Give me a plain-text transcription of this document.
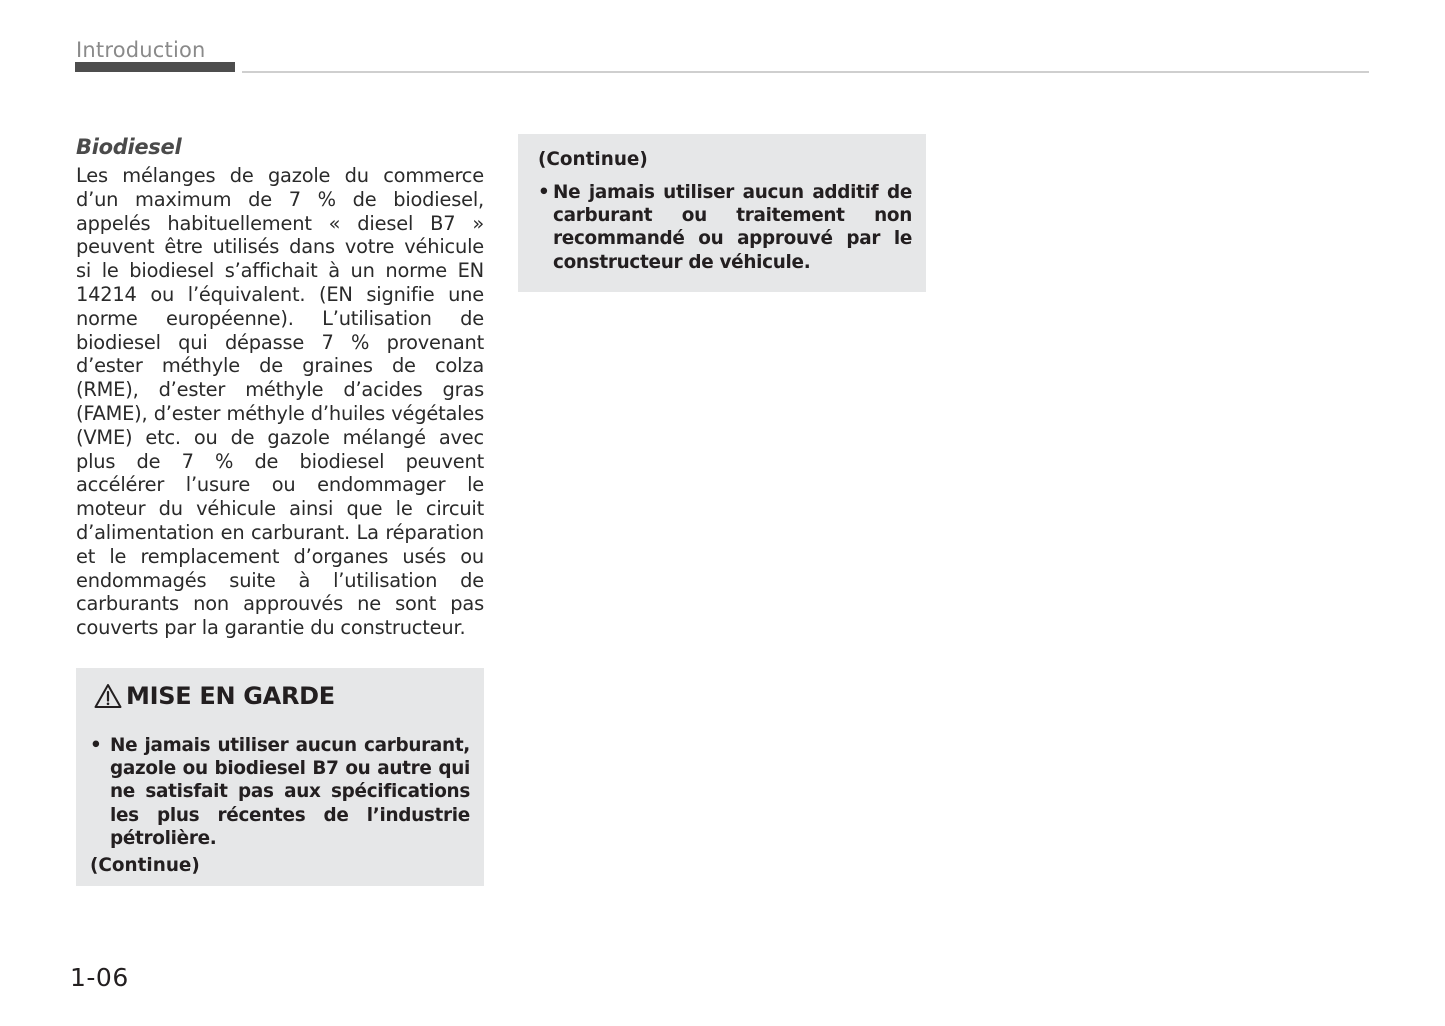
Introduction
Biodiesel

Les mélanges de gazole du commerce d’un maximum de 7 % de biodiesel, appelés habituellement « diesel B7 » peuvent être utilisés dans votre véhicule si le biodiesel s’affichait à un norme EN 14214 ou l’équivalent. (EN signifie une norme européenne). L’utilisation de biodiesel qui dépasse 7 % provenant d’ester méthyle de graines de colza (RME), d’ester méthyle d’acides gras (FAME), d’ester méthyle d’huiles végétales (VME) etc. ou de gazole mélangé avec plus de 7 % de biodiesel peuvent accélérer l’usure ou endommager le moteur du véhicule ainsi que le circuit d’alimentation en carburant. La réparation et le remplacement d’organes usés ou endommagés suite à l’utilisation de carburants non approuvés ne sont pas couverts par la garantie du constructeur.

MISE EN GARDE
• Ne jamais utiliser aucun carburant, gazole ou biodiesel B7 ou autre qui ne satisfait pas aux spécifications les plus récentes de l’industrie pétrolière.
(Continue)
(Continue)
• Ne jamais utiliser aucun additif de carburant ou traitement non recommandé ou approuvé par le constructeur de véhicule.
1-06
